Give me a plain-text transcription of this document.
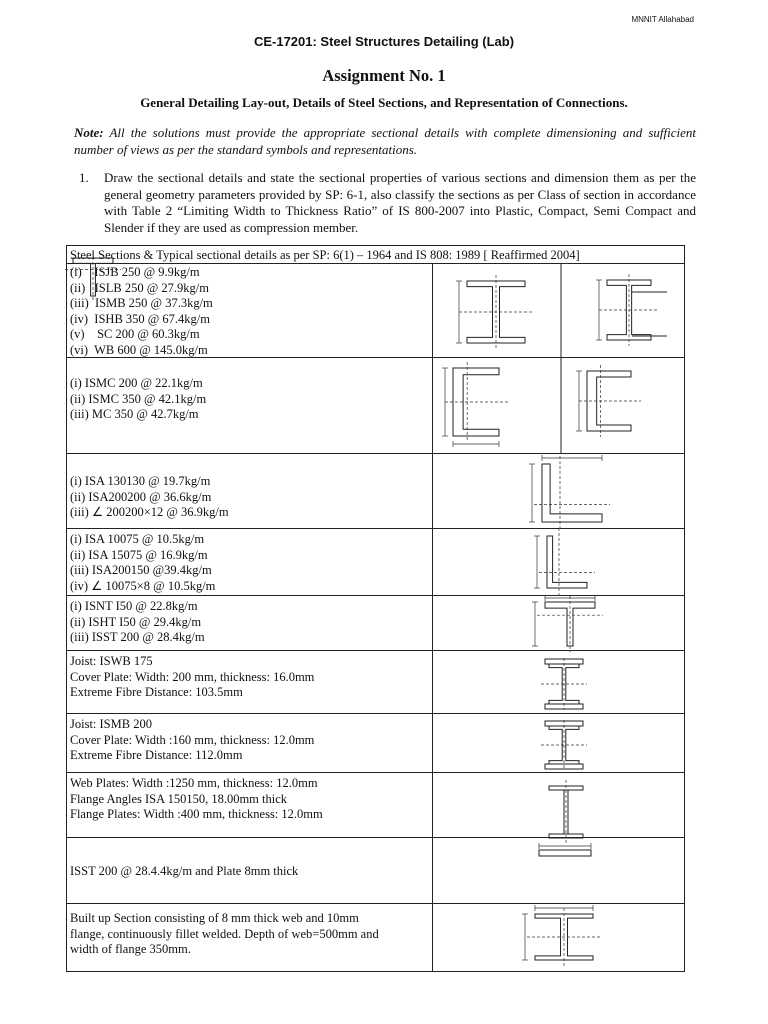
MNNIT Allahabad
CE-17201: Steel Structures Detailing (Lab)
Assignment No. 1
General Detailing Lay-out, Details of Steel Sections, and Representation of Connections.
Note: All the solutions must provide the appropriate sectional details with complete dimensioning and sufficient number of views as per the standard symbols and representations.
1. Draw the sectional details and state the sectional properties of various sections and dimension them as per the general geometry parameters provided by SP: 6-1, also classify the sections as per Class of section in accordance with Table 2 “Limiting Width to Thickness Ratio” of IS 800-2007 into Plastic, Compact, Semi Compact and Slender if they are used as compression member.
Steel Sections & Typical sectional details as per SP: 6(1) – 1964 and IS 808: 1989 [ Reaffirmed 2004]
(i)    ISJB 250 @ 9.9kg/m
(ii)   ISLB 250 @ 27.9kg/m
(iii)  ISMB 250 @ 37.3kg/m
(iv)  ISHB 350 @ 67.4kg/m
(v)    SC 200 @ 60.3kg/m
(vi)  WB 600 @ 145.0kg/m
(i) ISMC 200 @ 22.1kg/m
(ii) ISMC 350 @ 42.1kg/m
(iii) MC 350 @ 42.7kg/m
(i) ISA 130130 @ 19.7kg/m
(ii) ISA200200 @ 36.6kg/m
(iii) ∠ 200200×12 @ 36.9kg/m
(i) ISA 10075 @ 10.5kg/m
(ii) ISA 15075 @ 16.9kg/m
(iii) ISA200150 @39.4kg/m
(iv) ∠ 10075×8 @ 10.5kg/m
(i) ISNT I50 @ 22.8kg/m
(ii) ISHT I50 @ 29.4kg/m
(iii) ISST 200 @ 28.4kg/m
Joist: ISWB 175
Cover Plate: Width: 200 mm, thickness: 16.0mm
Extreme Fibre Distance: 103.5mm
Joist: ISMB 200
Cover Plate: Width :160 mm, thickness: 12.0mm
Extreme Fibre Distance: 112.0mm
Web Plates: Width :1250 mm, thickness: 12.0mm
Flange Angles ISA 150150, 18.00mm thick
Flange Plates: Width :400 mm, thickness: 12.0mm
ISST 200 @ 28.4.4kg/m and Plate 8mm thick
Built up Section consisting of 8 mm thick web and 10mm
flange, continuously fillet welded. Depth of web=500mm and
width of flange 350mm.
